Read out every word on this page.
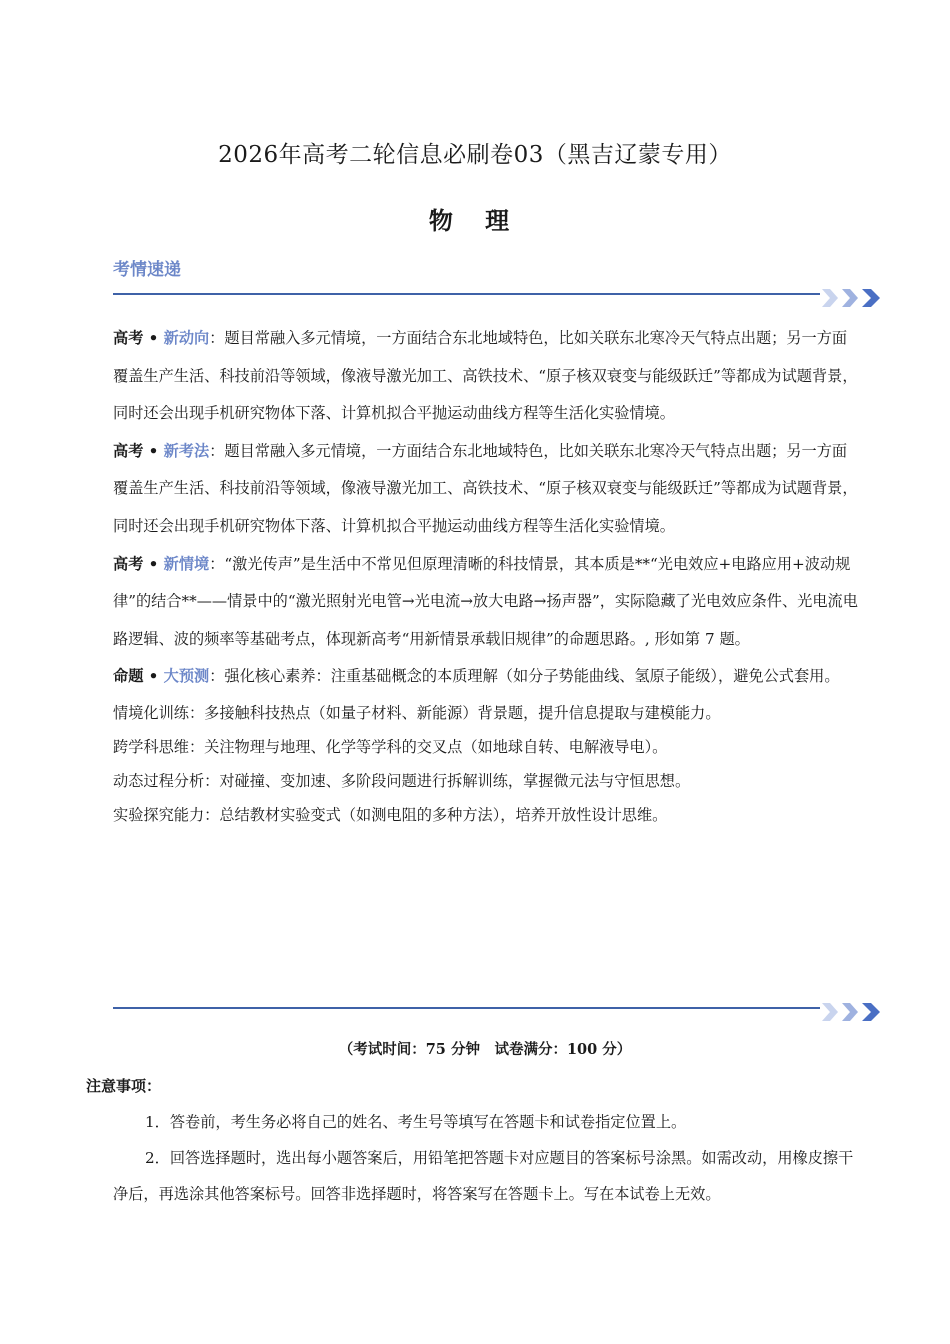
2026年高考二轮信息必刷卷03（黑吉辽蒙专用）
物 理
考情速递

高考 • 新动向：题目常融入多元情境，一方面结合东北地域特色，比如关联东北寒冷天气特点出题；另一方面覆盖生产生活、科技前沿等领域，像液导激光加工、高铁技术、“原子核双衰变与能级跃迁”等都成为试题背景，同时还会出现手机研究物体下落、计算机拟合平抛运动曲线方程等生活化实验情境。

高考 • 新考法：题目常融入多元情境，一方面结合东北地域特色，比如关联东北寒冷天气特点出题；另一方面覆盖生产生活、科技前沿等领域，像液导激光加工、高铁技术、“原子核双衰变与能级跃迁”等都成为试题背景，同时还会出现手机研究物体下落、计算机拟合平抛运动曲线方程等生活化实验情境。

高考 • 新情境：“激光传声”是生活中不常见但原理清晰的科技情景，其本质是**“光电效应+电路应用+波动规律”的结合**——情景中的“激光照射光电管→光电流→放大电路→扬声器”，实际隐藏了光电效应条件、光电流电路逻辑、波的频率等基础考点，体现新高考“用新情景承载旧规律”的命题思路。, 形如第 7 题。

命题 • 大预测：强化核心素养：注重基础概念的本质理解（如分子势能曲线、氢原子能级），避免公式套用。

情境化训练：多接触科技热点（如量子材料、新能源）背景题，提升信息提取与建模能力。

跨学科思维：关注物理与地理、化学等学科的交叉点（如地球自转、电解液导电）。

动态过程分析：对碰撞、变加速、多阶段问题进行拆解训练，掌握微元法与守恒思想。

实验探究能力：总结教材实验变式（如测电阻的多种方法），培养开放性设计思维。

（考试时间：75 分钟　试卷满分：100 分）
注意事项：

1．答卷前，考生务必将自己的姓名、考生号等填写在答题卡和试卷指定位置上。

2．回答选择题时，选出每小题答案后，用铅笔把答题卡对应题目的答案标号涂黑。如需改动，用橡皮擦干净后，再选涂其他答案标号。回答非选择题时，将答案写在答题卡上。写在本试卷上无效。
